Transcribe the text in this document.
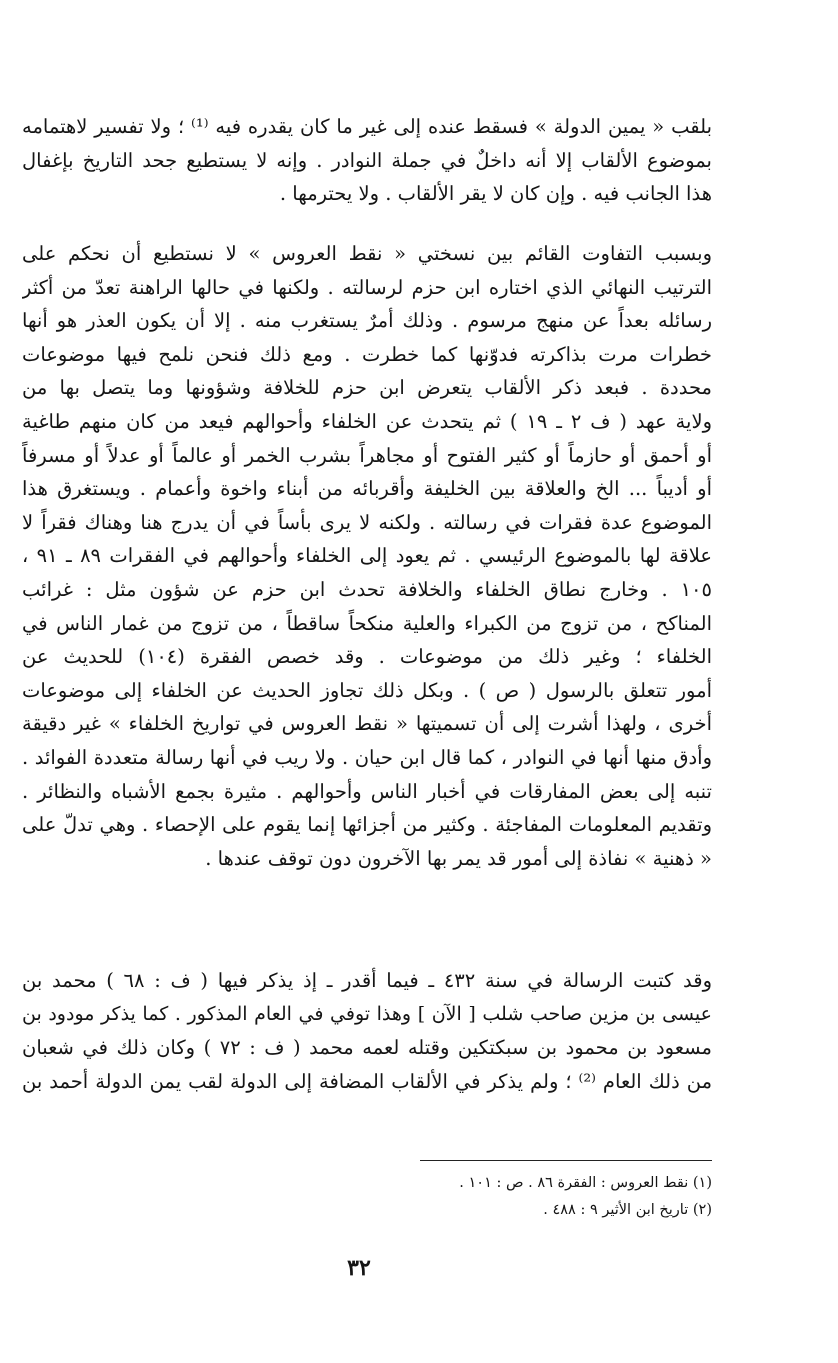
بلقب « يمين الدولة » فسقط عنده إلى غير ما كان يقدره فيه ⁽¹⁾ ؛ ولا تفسير لاهتمامه
بموضوع الألقاب إلا أنه داخلٌ في جملة النوادر . وإنه لا يستطيع جحد التاريخ بإغفال
هذا الجانب فيه . وإن كان لا يقر الألقاب . ولا يحترمها .
وبسبب التفاوت القائم بين نسختي « نقط العروس » لا نستطيع أن نحكم على
الترتيب النهائي الذي اختاره ابن حزم لرسالته . ولكنها في حالها الراهنة تعدّ من أكثر
رسائله بعداً عن منهج مرسوم . وذلك أمرٌ يستغرب منه . إلا أن يكون العذر هو أنها
خطرات مرت بذاكرته فدوّنها كما خطرت . ومع ذلك فنحن نلمح فيها موضوعات
محددة . فبعد ذكر الألقاب يتعرض ابن حزم للخلافة وشؤونها وما يتصل بها من
ولاية عهد ( ف ٢ ـ ١٩ ) ثم يتحدث عن الخلفاء وأحوالهم فيعد من كان منهم طاغية
أو أحمق أو حازماً أو كثير الفتوح أو مجاهراً بشرب الخمر أو عالماً أو عدلاً أو مسرفاً
أو أديباً ... الخ والعلاقة بين الخليفة وأقربائه من أبناء واخوة وأعمام . ويستغرق هذا
الموضوع عدة فقرات في رسالته . ولكنه لا يرى بأساً في أن يدرج هنا وهناك فقراً لا
علاقة لها بالموضوع الرئيسي . ثم يعود إلى الخلفاء وأحوالهم في الفقرات ٨٩ ـ ٩١ ،
١٠٥ . وخارج نطاق الخلفاء والخلافة تحدث ابن حزم عن شؤون مثل : غرائب
المناكح ، من تزوج من الكبراء والعلية منكحاً ساقطاً ، من تزوج من غمار الناس في
الخلفاء ؛ وغير ذلك من موضوعات . وقد خصص الفقرة (١٠٤) للحديث عن
أمور تتعلق بالرسول ( ص ) . وبكل ذلك تجاوز الحديث عن الخلفاء إلى موضوعات
أخرى ، ولهذا أشرت إلى أن تسميتها « نقط العروس في تواريخ الخلفاء » غير دقيقة
وأدق منها أنها في النوادر ، كما قال ابن حيان . ولا ريب في أنها رسالة متعددة الفوائد .
تنبه إلى بعض المفارقات في أخبار الناس وأحوالهم . مثيرة بجمع الأشباه والنظائر .
وتقديم المعلومات المفاجئة . وكثير من أجزائها إنما يقوم على الإحصاء . وهي تدلّ على
« ذهنية » نفاذة إلى أمور قد يمر بها الآخرون دون توقف عندها .
وقد كتبت الرسالة في سنة ٤٣٢ ـ فيما أقدر ـ إذ يذكر فيها ( ف : ٦٨ ) محمد بن
عيسى بن مزين صاحب شلب [ الآن ] وهذا توفي في العام المذكور . كما يذكر مودود بن
مسعود بن محمود بن سبكتكين وقتله لعمه محمد ( ف : ٧٢ ) وكان ذلك في شعبان
من ذلك العام ⁽²⁾ ؛ ولم يذكر في الألقاب المضافة إلى الدولة لقب يمن الدولة أحمد بن
(١) نقط العروس : الفقرة ٨٦ . ص : ١٠١ .
(٢) تاريخ ابن الأثير ٩ : ٤٨٨ .
٣٢
